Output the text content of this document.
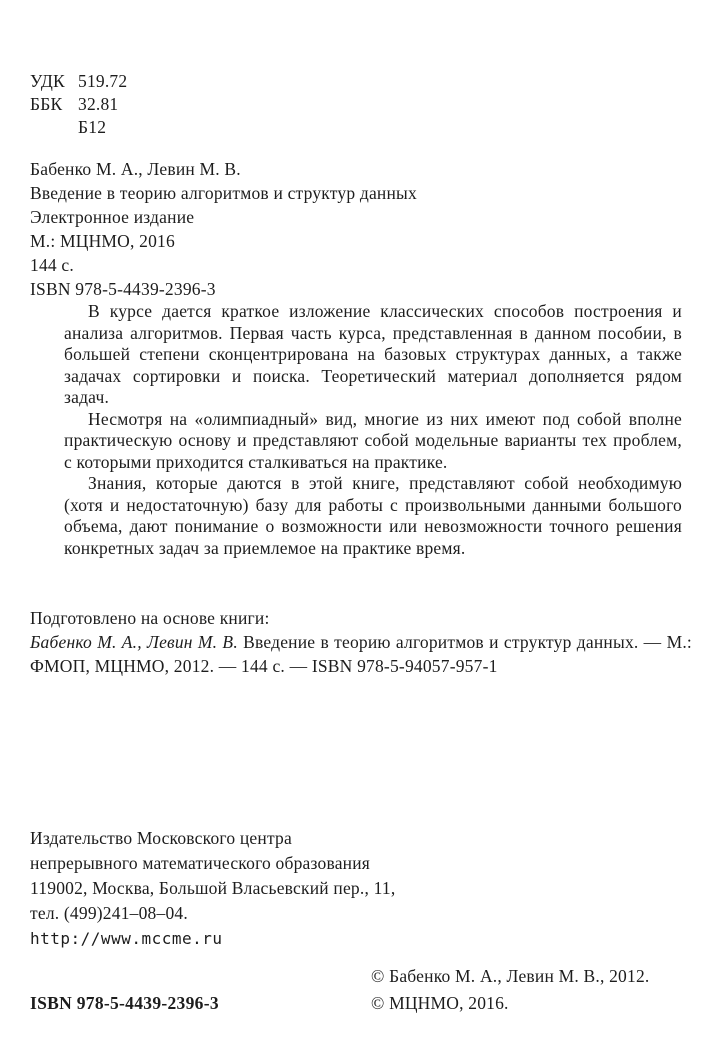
УДК 519.72
ББК 32.81
Б12
Бабенко М. А., Левин М. В.
Введение в теорию алгоритмов и структур данных
Электронное издание
М.: МЦНМО, 2016
144 с.
ISBN 978-5-4439-2396-3

В курсе дается краткое изложение классических способов построения и анализа алгоритмов. Первая часть курса, представленная в данном пособии, в большей степени сконцентрирована на базовых структурах данных, а также задачах сортировки и поиска. Теоретический материал дополняется рядом задач.

Несмотря на «олимпиадный» вид, многие из них имеют под собой вполне практическую основу и представляют собой модельные варианты тех проблем, с которыми приходится сталкиваться на практике.

Знания, которые даются в этой книге, представляют собой необходимую (хотя и недостаточную) базу для работы с произвольными данными большого объема, дают понимание о возможности или невозможности точного решения конкретных задач за приемлемое на практике время.

Подготовлено на основе книги:

Бабенко М. А., Левин М. В. Введение в теорию алгоритмов и структур данных. — М.: ФМОП, МЦНМО, 2012. — 144 с. — ISBN 978-5-94057-957-1

Издательство Московского центра
непрерывного математического образования
119002, Москва, Большой Власьевский пер., 11,
тел. (499)241–08–04.
http://www.mccme.ru
ISBN 978-5-4439-2396-3
© Бабенко М. А., Левин М. В., 2012.
© МЦНМО, 2016.
